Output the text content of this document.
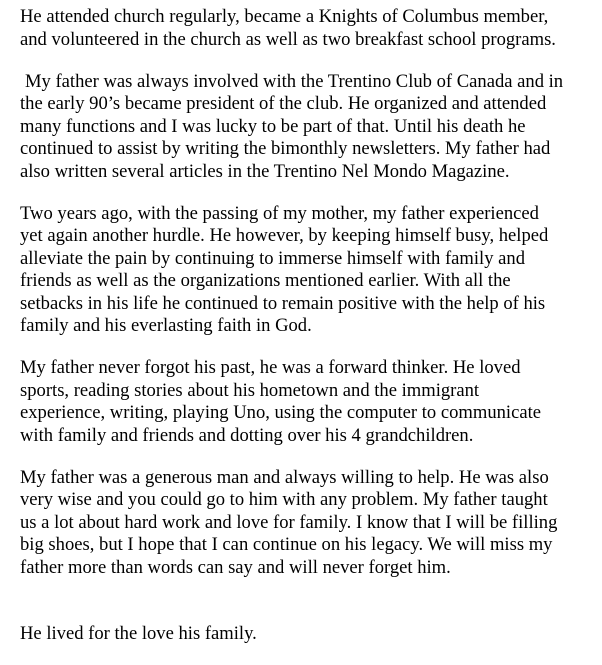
He attended church regularly, became a Knights of Columbus member,
and volunteered in the church as well as two breakfast school programs.

My father was always involved with the Trentino Club of Canada and in
the early 90’s became president of the club. He organized and attended
many functions and I was lucky to be part of that. Until his death he
continued to assist by writing the bimonthly newsletters. My father had
also written several articles in the Trentino Nel Mondo Magazine.

Two years ago, with the passing of my mother, my father experienced
yet again another hurdle. He however, by keeping himself busy, helped
alleviate the pain by continuing to immerse himself with family and
friends as well as the organizations mentioned earlier. With all the
setbacks in his life he continued to remain positive with the help of his
family and his everlasting faith in God.

My father never forgot his past, he was a forward thinker. He loved
sports, reading stories about his hometown and the immigrant
experience, writing, playing Uno, using the computer to communicate
with family and friends and dotting over his 4 grandchildren.

My father was a generous man and always willing to help. He was also
very wise and you could go to him with any problem. My father taught
us a lot about hard work and love for family. I know that I will be filling
big shoes, but I hope that I can continue on his legacy. We will miss my
father more than words can say and will never forget him.

He lived for the love his family.
